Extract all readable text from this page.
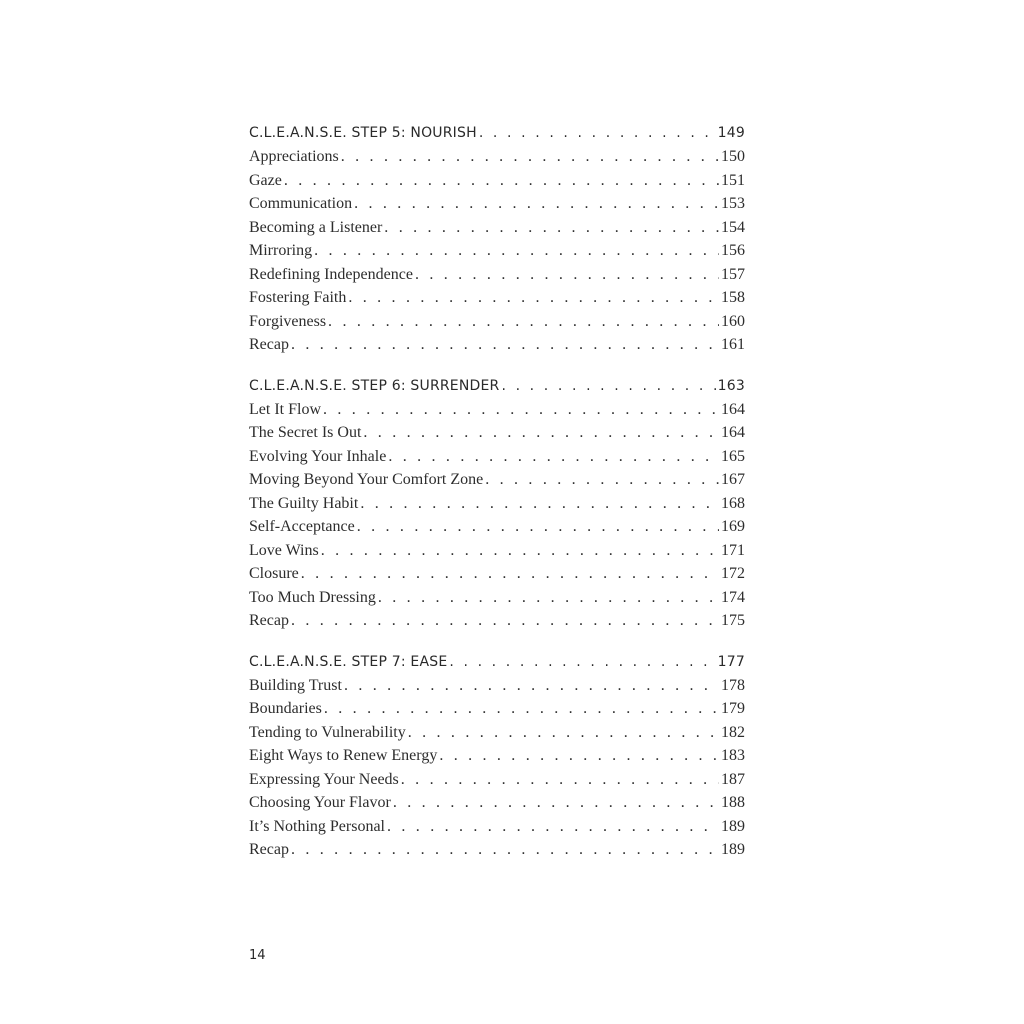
C.L.E.A.N.S.E. STEP 5: NOURISH . . .	149
Appreciations . . .	150
Gaze . . .	151
Communication . . .	153
Becoming a Listener . . .	154
Mirroring . . .	156
Redefining Independence . . .	157
Fostering Faith . . .	158
Forgiveness . . .	160
Recap . . .	161
C.L.E.A.N.S.E. STEP 6: SURRENDER . . .	163
Let It Flow . . .	164
The Secret Is Out . . .	164
Evolving Your Inhale . . .	165
Moving Beyond Your Comfort Zone . . .	167
The Guilty Habit . . .	168
Self-Acceptance . . .	169
Love Wins . . .	171
Closure . . .	172
Too Much Dressing . . .	174
Recap . . .	175
C.L.E.A.N.S.E. STEP 7: EASE . . .	177
Building Trust . . .	178
Boundaries . . .	179
Tending to Vulnerability . . .	182
Eight Ways to Renew Energy . . .	183
Expressing Your Needs . . .	187
Choosing Your Flavor . . .	188
It’s Nothing Personal . . .	189
Recap . . .	189
14
